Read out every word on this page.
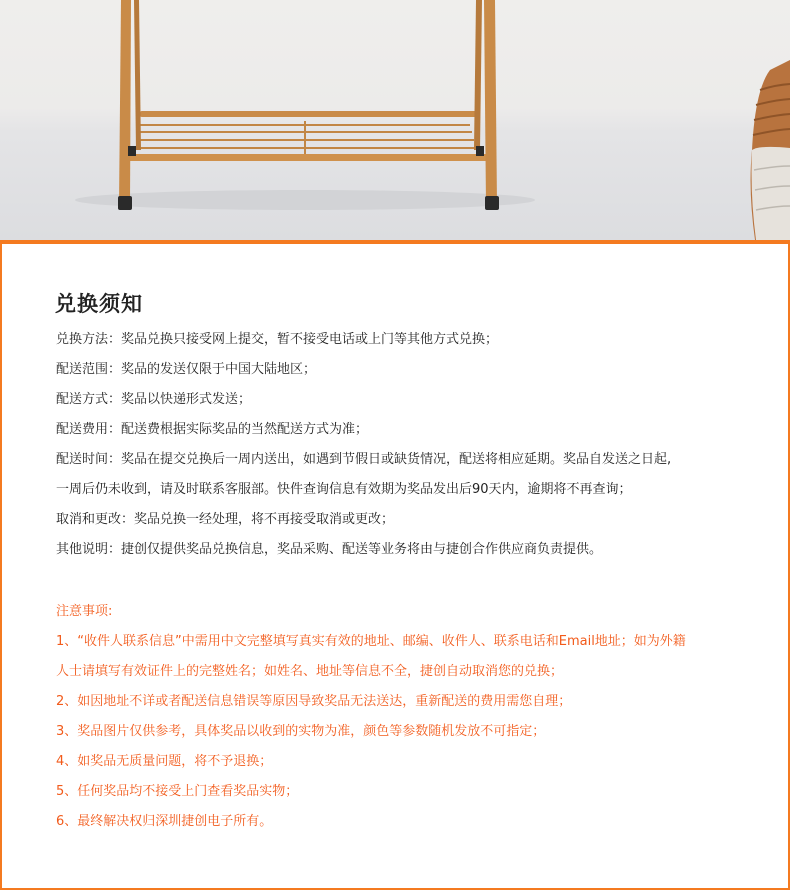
兑换须知
兑换方法：奖品兑换只接受网上提交，暂不接受电话或上门等其他方式兑换；
配送范围：奖品的发送仅限于中国大陆地区；
配送方式：奖品以快递形式发送；
配送费用：配送费根据实际奖品的当然配送方式为准；
配送时间：奖品在提交兑换后一周内送出，如遇到节假日或缺货情况，配送将相应延期。奖品自发送之日起,
一周后仍未收到，请及时联系客服部。快件查询信息有效期为奖品发出后90天内，逾期将不再查询；
取消和更改：奖品兑换一经处理，将不再接受取消或更改；
其他说明：捷创仅提供奖品兑换信息，奖品采购、配送等业务将由与捷创合作供应商负责提供。

注意事项:

1、“收件人联系信息”中需用中文完整填写真实有效的地址、邮编、收件人、联系电话和Email地址；如为外籍
人士请填写有效证件上的完整姓名；如姓名、地址等信息不全，捷创自动取消您的兑换；
2、如因地址不详或者配送信息错误等原因导致奖品无法送达，重新配送的费用需您自理；
3、奖品图片仅供参考，具体奖品以收到的实物为准，颜色等参数随机发放不可指定；
4、如奖品无质量问题，将不予退换；
5、任何奖品均不接受上门查看奖品实物；
6、最终解决权归深圳捷创电子所有。
